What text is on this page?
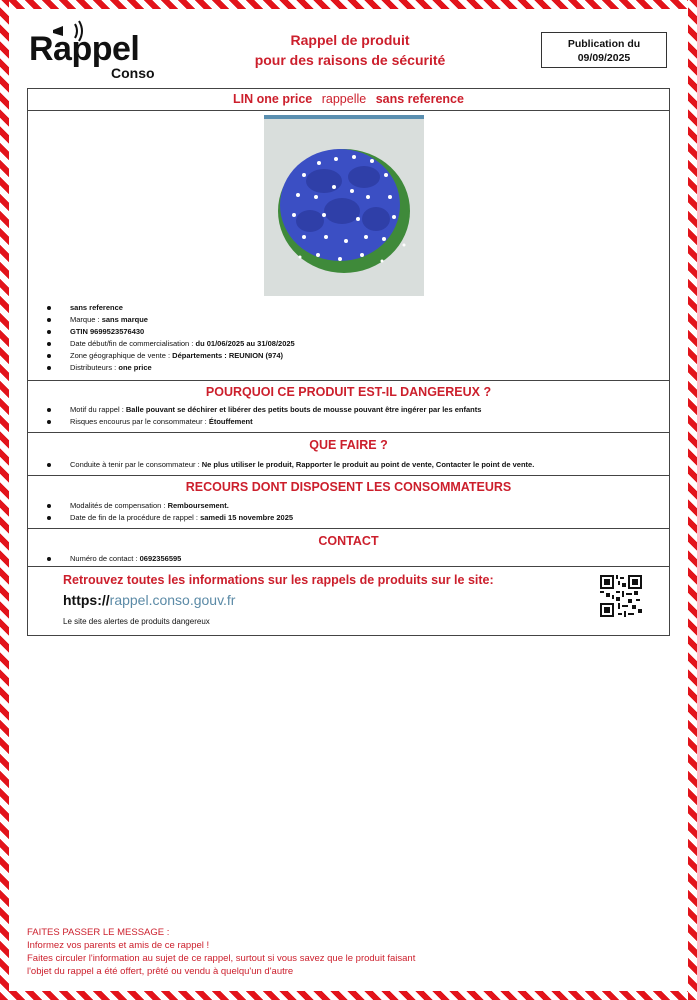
Rappel
Conso
Rappel de produit
pour des raisons de sécurité
Publication du
09/09/2025
LIN one price rappelle sans reference
sans reference
Marque : sans marque
GTIN 9699523576430
Date début/fin de commercialisation : du 01/06/2025 au 31/08/2025
Zone géographique de vente : Départements : REUNION (974)
Distributeurs : one price
POURQUOI CE PRODUIT EST-IL DANGEREUX ?
Motif du rappel : Balle pouvant se déchirer et libérer des petits bouts de mousse pouvant être ingérer par les enfants
Risques encourus par le consommateur : Étouffement
QUE FAIRE ?
Conduite à tenir par le consommateur : Ne plus utiliser le produit, Rapporter le produit au point de vente, Contacter le point de vente.
RECOURS DONT DISPOSENT LES CONSOMMATEURS
Modalités de compensation : Remboursement.
Date de fin de la procédure de rappel : samedi 15 novembre 2025
CONTACT
Numéro de contact : 0692356595
Retrouvez toutes les informations sur les rappels de produits sur le site:
https://rappel.conso.gouv.fr
Le site des alertes de produits dangereux
FAITES PASSER LE MESSAGE :
Informez vos parents et amis de ce rappel !
Faites circuler l'information au sujet de ce rappel, surtout si vous savez que le produit faisant
l'objet du rappel a été offert, prêté ou vendu à quelqu'un d'autre
